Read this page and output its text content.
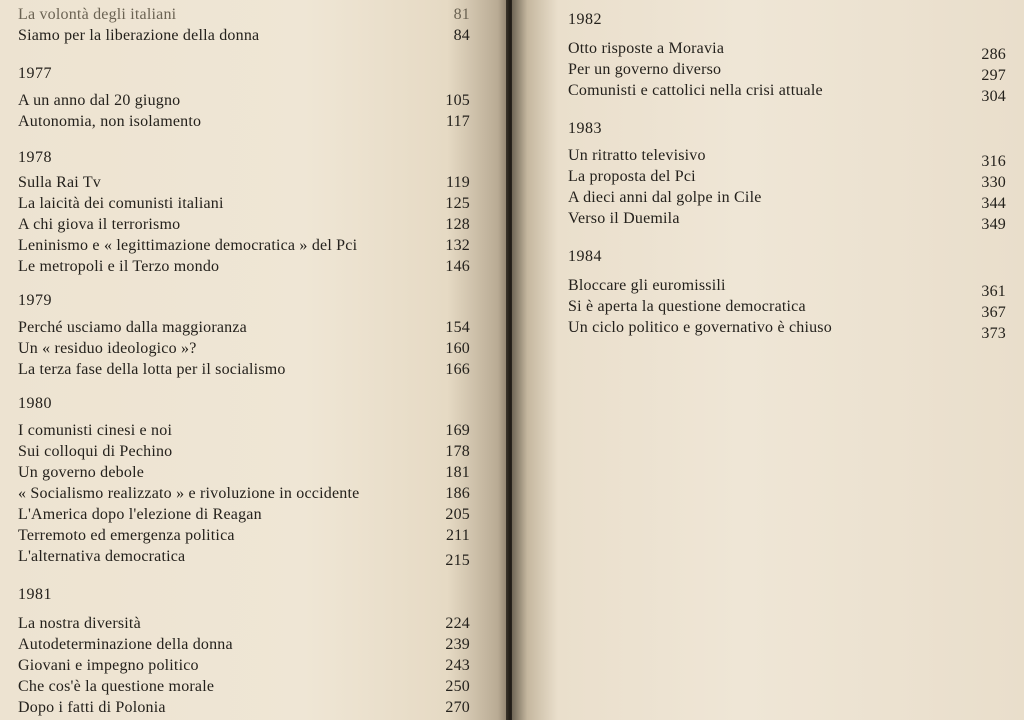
La volontà degli italiani	81
Siamo per la liberazione della donna	84
1977
A un anno dal 20 giugno	105
Autonomia, non isolamento	117
1978
Sulla Rai Tv	119
La laicità dei comunisti italiani	125
A chi giova il terrorismo	128
Leninismo e « legittimazione democratica » del Pci	132
Le metropoli e il Terzo mondo	146
1979
Perché usciamo dalla maggioranza	154
Un « residuo ideologico »?	160
La terza fase della lotta per il socialismo	166
1980
I comunisti cinesi e noi	169
Sui colloqui di Pechino	178
Un governo debole	181
« Socialismo realizzato » e rivoluzione in occidente	186
L'America dopo l'elezione di Reagan	205
Terremoto ed emergenza politica	211
L'alternativa democratica	215
1981
La nostra diversità	224
Autodeterminazione della donna	239
Giovani e impegno politico	243
Che cos'è la questione morale	250
Dopo i fatti di Polonia	270
1982
Otto risposte a Moravia	286
Per un governo diverso	297
Comunisti e cattolici nella crisi attuale	304
1983
Un ritratto televisivo	316
La proposta del Pci	330
A dieci anni dal golpe in Cile	344
Verso il Duemila	349
1984
Bloccare gli euromissili	361
Si è aperta la questione democratica	367
Un ciclo politico e governativo è chiuso	373
